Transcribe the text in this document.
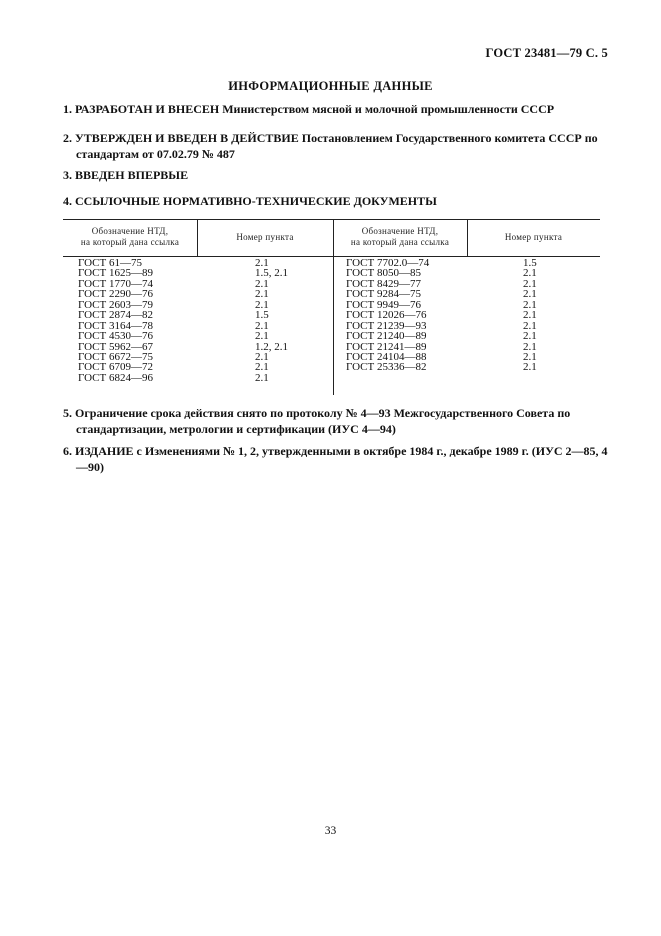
ГОСТ 23481—79 С. 5
ИНФОРМАЦИОННЫЕ ДАННЫЕ
1. РАЗРАБОТАН И ВНЕСЕН Министерством мясной и молочной промышленности СССР
2. УТВЕРЖДЕН И ВВЕДЕН В ДЕЙСТВИЕ Постановлением Государственного комитета СССР по стандартам от 07.02.79 № 487
3. ВВЕДЕН ВПЕРВЫЕ
4. ССЫЛОЧНЫЕ НОРМАТИВНО-ТЕХНИЧЕСКИЕ ДОКУМЕНТЫ
Обозначение НТД,
на который дана ссылка	Номер пункта
Обозначение НТД,
на который дана ссылка	Номер пункта
ГОСТ 61—75
ГОСТ 1625—89
ГОСТ 1770—74
ГОСТ 2290—76
ГОСТ 2603—79
ГОСТ 2874—82
ГОСТ 3164—78
ГОСТ 4530—76
ГОСТ 5962—67
ГОСТ 6672—75
ГОСТ 6709—72
ГОСТ 6824—96
2.1
1.5, 2.1
2.1
2.1
2.1
1.5
2.1
2.1
1.2, 2.1
2.1
2.1
2.1
ГОСТ 7702.0—74
ГОСТ 8050—85
ГОСТ 8429—77
ГОСТ 9284—75
ГОСТ 9949—76
ГОСТ 12026—76
ГОСТ 21239—93
ГОСТ 21240—89
ГОСТ 21241—89
ГОСТ 24104—88
ГОСТ 25336—82
1.5
2.1
2.1
2.1
2.1
2.1
2.1
2.1
2.1
2.1
2.1
5. Ограничение срока действия снято по протоколу № 4—93 Межгосударственного Совета по стандартизации, метрологии и сертификации (ИУС 4—94)
6. ИЗДАНИЕ с Изменениями № 1, 2, утвержденными в октябре 1984 г., декабре 1989 г. (ИУС 2—85, 4—90)
33
